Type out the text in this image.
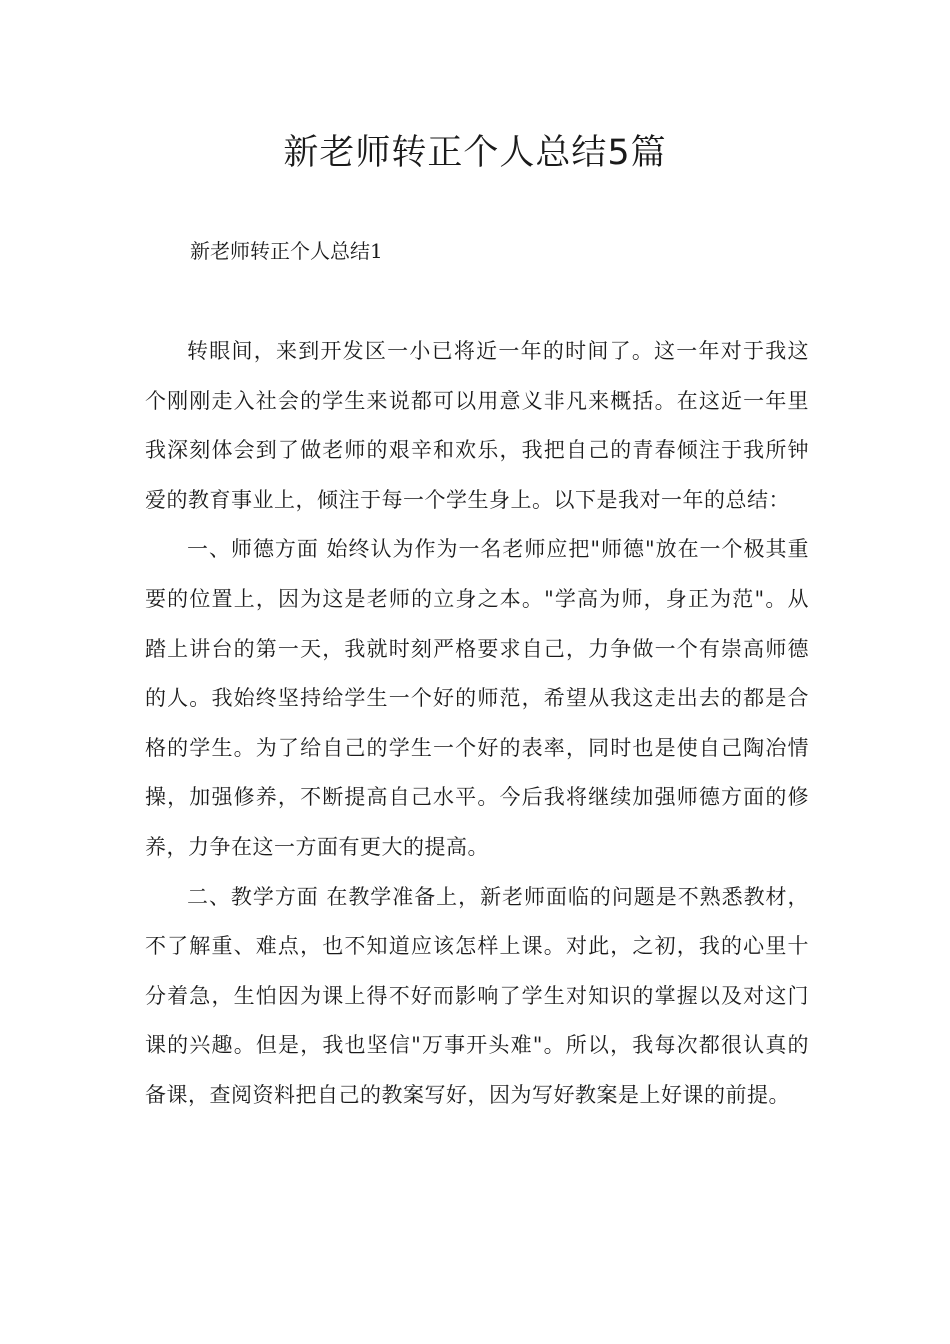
新老师转正个人总结5篇
新老师转正个人总结1

转眼间，来到开发区一小已将近一年的时间了。这一年对于我这个刚刚走入社会的学生来说都可以用意义非凡来概括。在这近一年里我深刻体会到了做老师的艰辛和欢乐，我把自己的青春倾注于我所钟爱的教育事业上，倾注于每一个学生身上。以下是我对一年的总结：

一、师德方面 始终认为作为一名老师应把"师德"放在一个极其重要的位置上，因为这是老师的立身之本。"学高为师，身正为范"。从踏上讲台的第一天，我就时刻严格要求自己，力争做一个有崇高师德的人。我始终坚持给学生一个好的师范，希望从我这走出去的都是合格的学生。为了给自己的学生一个好的表率，同时也是使自己陶冶情操，加强修养，不断提高自己水平。今后我将继续加强师德方面的修养，力争在这一方面有更大的提高。

二、教学方面 在教学准备上，新老师面临的问题是不熟悉教材，不了解重、难点，也不知道应该怎样上课。对此，之初，我的心里十分着急，生怕因为课上得不好而影响了学生对知识的掌握以及对这门课的兴趣。但是，我也坚信"万事开头难"。所以，我每次都很认真的备课，查阅资料把自己的教案写好，因为写好教案是上好课的前提。
